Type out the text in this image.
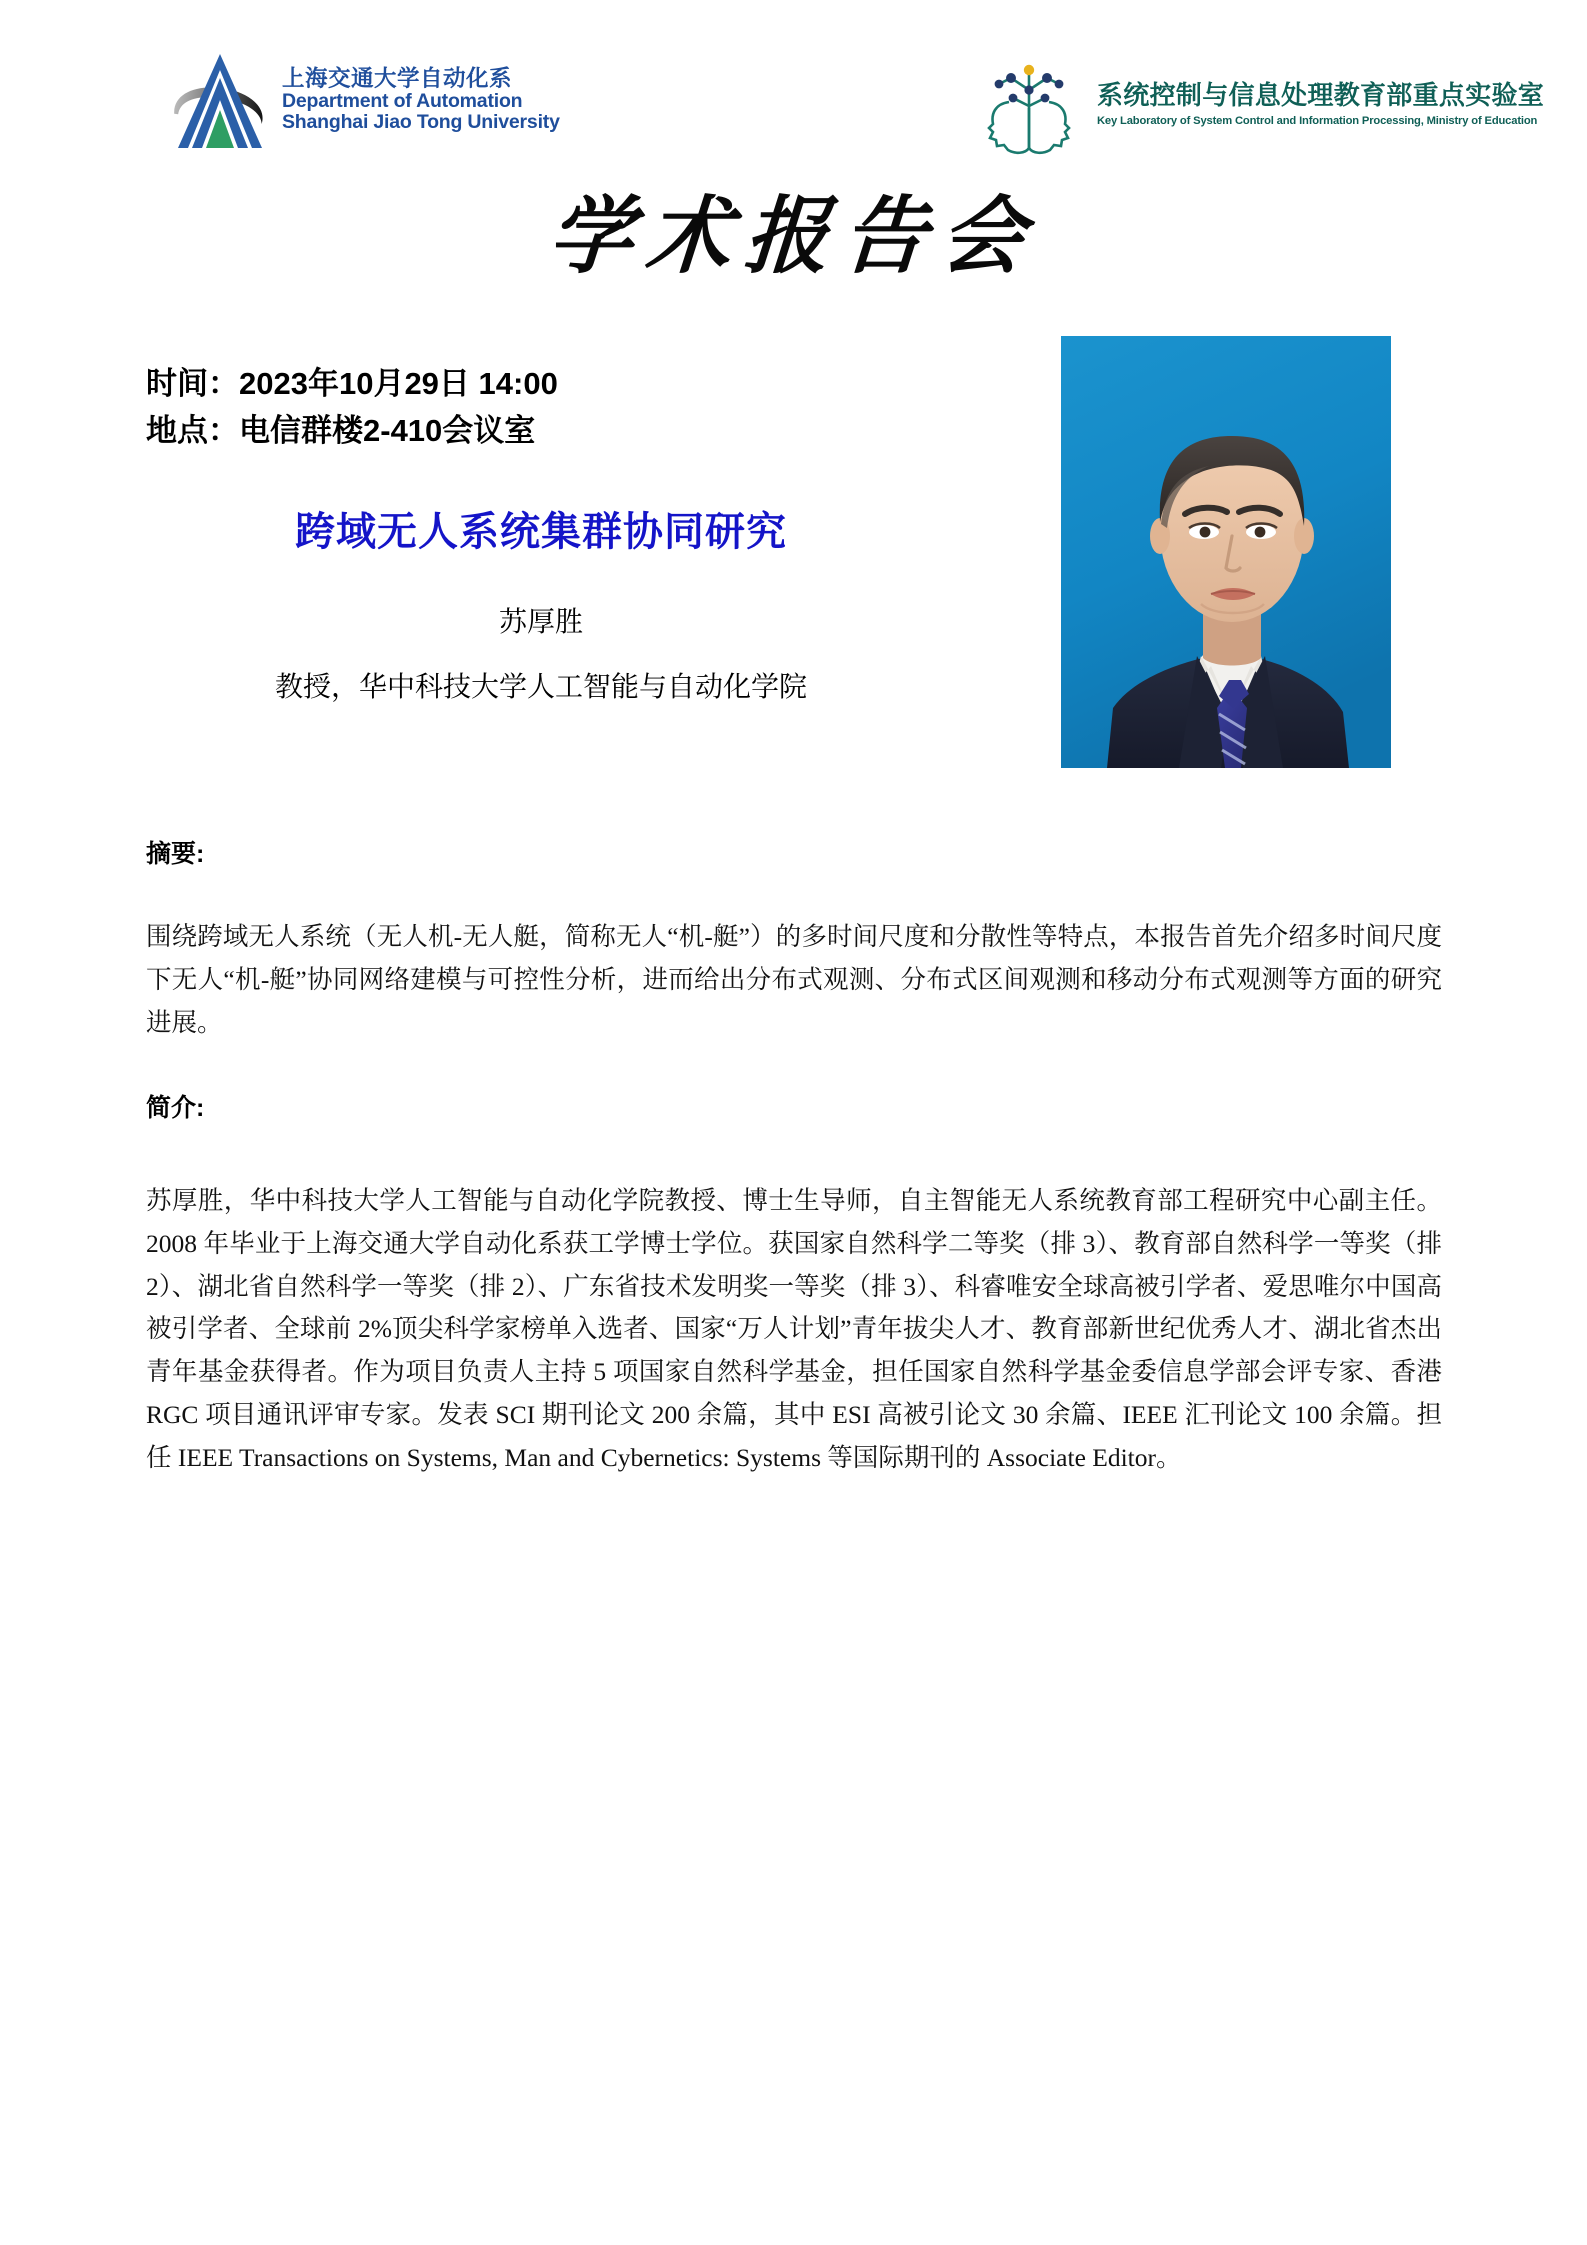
上海交通大学自动化系
Department of Automation
Shanghai Jiao Tong University
系统控制与信息处理教育部重点实验室
Key Laboratory of System Control and Information Processing, Ministry of Education
学术报告会
时间：2023年10月29日 14:00
地点：电信群楼2-410会议室
跨域无人系统集群协同研究
苏厚胜
教授，华中科技大学人工智能与自动化学院
摘要:
围绕跨域无人系统（无人机-无人艇，简称无人“机-艇”）的多时间尺度和分散性等特点，本报告首先介绍多时间尺度下无人“机-艇”协同网络建模与可控性分析，进而给出分布式观测、分布式区间观测和移动分布式观测等方面的研究进展。
简介:
苏厚胜，华中科技大学人工智能与自动化学院教授、博士生导师，自主智能无人系统教育部工程研究中心副主任。2008 年毕业于上海交通大学自动化系获工学博士学位。获国家自然科学二等奖（排 3）、教育部自然科学一等奖（排 2）、湖北省自然科学一等奖（排 2）、广东省技术发明奖一等奖（排 3）、科睿唯安全球高被引学者、爱思唯尔中国高被引学者、全球前 2%顶尖科学家榜单入选者、国家“万人计划”青年拔尖人才、教育部新世纪优秀人才、湖北省杰出青年基金获得者。作为项目负责人主持 5 项国家自然科学基金，担任国家自然科学基金委信息学部会评专家、香港 RGC 项目通讯评审专家。发表 SCI 期刊论文 200 余篇，其中 ESI 高被引论文 30 余篇、IEEE 汇刊论文 100 余篇。担任 IEEE Transactions on Systems, Man and Cybernetics: Systems 等国际期刊的 Associate Editor。
